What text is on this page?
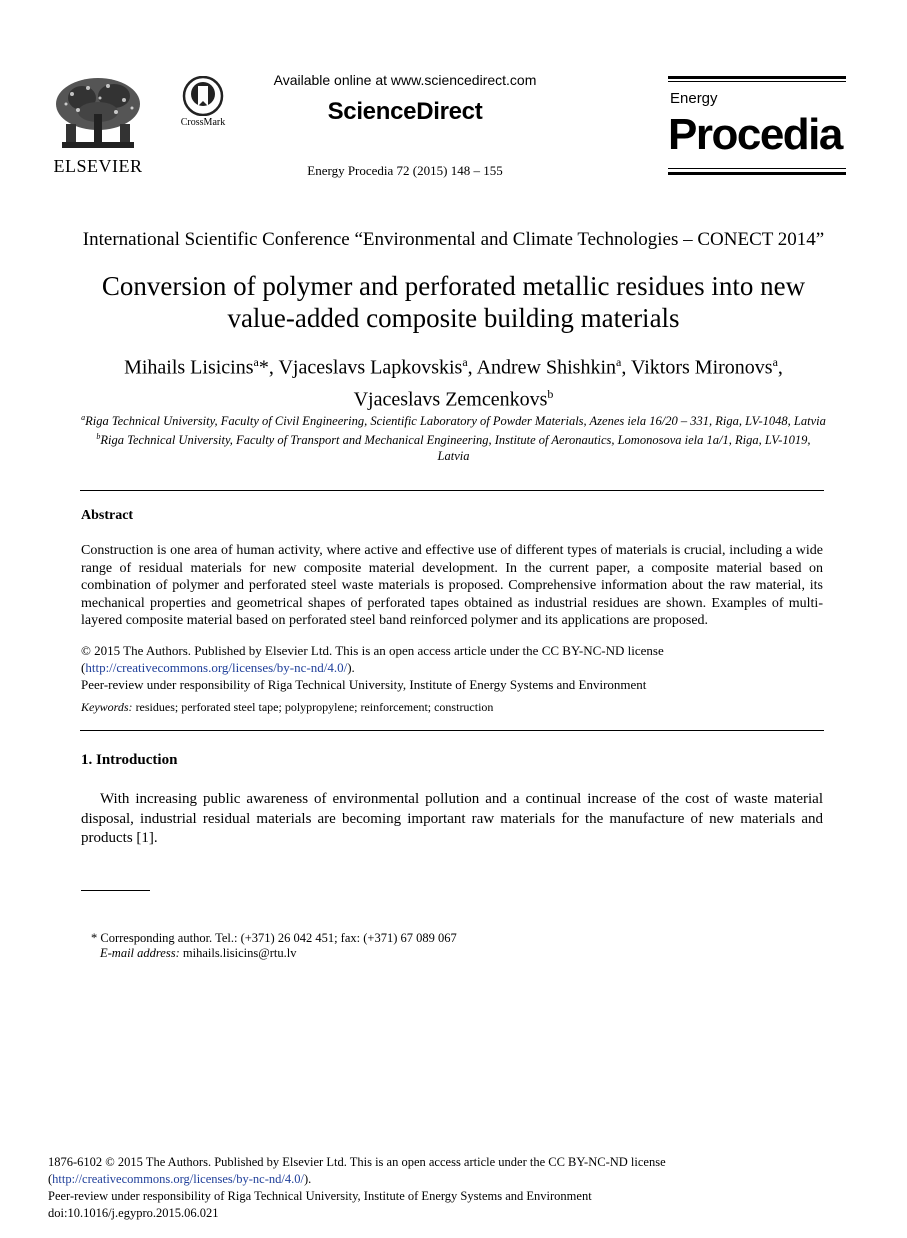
ELSEVIER
CrossMark
Available online at www.sciencedirect.com
ScienceDirect
Energy Procedia 72 (2015) 148 – 155
Energy
Procedia
International Scientific Conference “Environmental and Climate Technologies – CONECT 2014”
Conversion of polymer and perforated metallic residues into new
value-added composite building materials
Mihails Lisicins$^a$*, Vjaceslavs Lapkovskis$^a$, Andrew Shishkin$^a$, Viktors Mironovs$^a$,
Vjaceslavs Zemcenkovs$^b$
$^a$Riga Technical University, Faculty of Civil Engineering, Scientific Laboratory of Powder Materials, Azenes iela 16/20 – 331, Riga, LV-1048, Latvia
$^b$Riga Technical University, Faculty of Transport and Mechanical Engineering, Institute of Aeronautics, Lomonosova iela 1a/1, Riga, LV-1019, Latvia
Abstract
Construction is one area of human activity, where active and effective use of different types of materials is crucial, including a wide range of residual materials for new composite material development. In the current paper, a composite material based on combination of polymer and perforated steel waste materials is proposed. Comprehensive information about the raw material, its mechanical properties and geometrical shapes of perforated tapes obtained as industrial residues are shown. Examples of multi-layered composite material based on perforated steel band reinforced polymer and its applications are proposed.
© 2015 The Authors. Published by Elsevier Ltd. This is an open access article under the CC BY-NC-ND license
(http://creativecommons.org/licenses/by-nc-nd/4.0/).
Peer-review under responsibility of Riga Technical University, Institute of Energy Systems and Environment
Keywords: residues; perforated steel tape; polypropylene; reinforcement; construction
1. Introduction
With increasing public awareness of environmental pollution and a continual increase of the cost of waste material disposal, industrial residual materials are becoming important raw materials for the manufacture of new materials and products [1].
* Corresponding author. Tel.: (+371) 26 042 451; fax: (+371) 67 089 067
E-mail address: mihails.lisicins@rtu.lv
1876-6102 © 2015 The Authors. Published by Elsevier Ltd. This is an open access article under the CC BY-NC-ND license
(http://creativecommons.org/licenses/by-nc-nd/4.0/).
Peer-review under responsibility of Riga Technical University, Institute of Energy Systems and Environment
doi:10.1016/j.egypro.2015.06.021
